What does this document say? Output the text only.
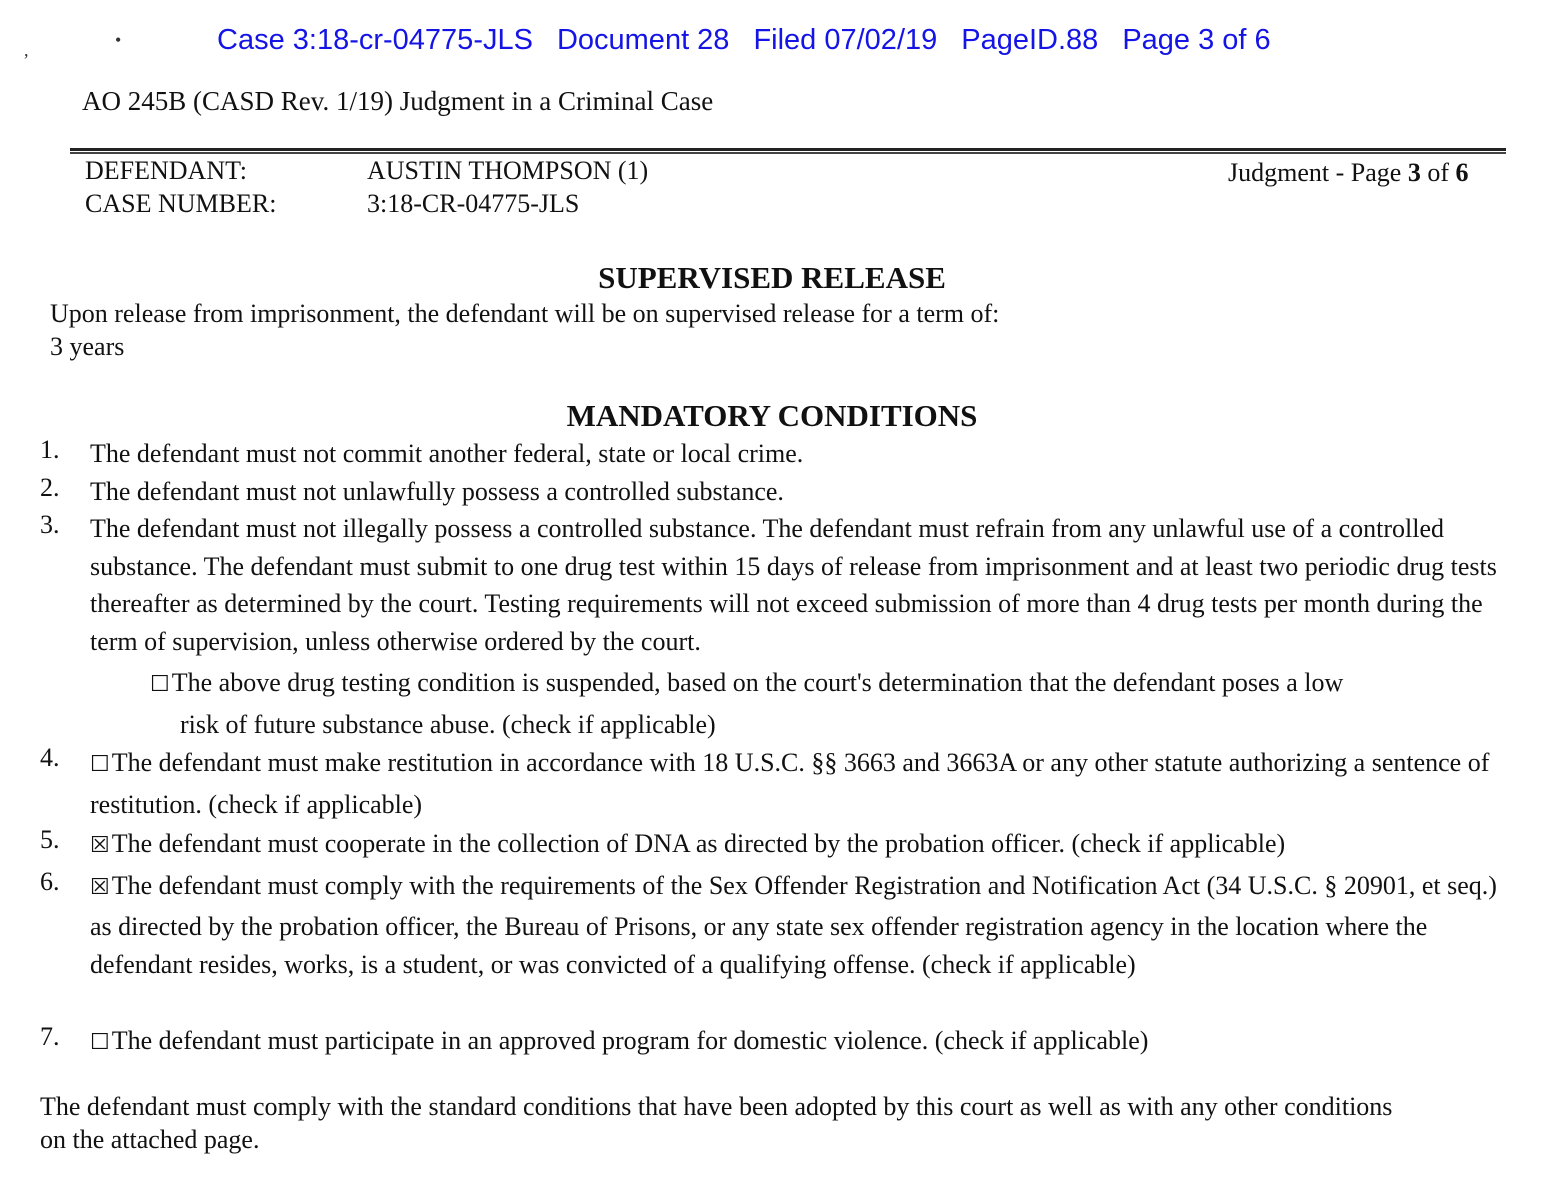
,	•	Case 3:18-cr-04775-JLS Document 28 Filed 07/02/19 PageID.88 Page 3 of 6
AO 245B (CASD Rev. 1/19) Judgment in a Criminal Case
DEFENDANT:	AUSTIN THOMPSON (1)
CASE NUMBER:	3:18-CR-04775-JLS
Judgment - Page 3 of 6
SUPERVISED RELEASE
Upon release from imprisonment, the defendant will be on supervised release for a term of:
3 years
MANDATORY CONDITIONS
1.	The defendant must not commit another federal, state or local crime.
2.	The defendant must not unlawfully possess a controlled substance.
3.	The defendant must not illegally possess a controlled substance. The defendant must refrain from any unlawful use of a controlled substance. The defendant must submit to one drug test within 15 days of release from imprisonment and at least two periodic drug tests thereafter as determined by the court. Testing requirements will not exceed submission of more than 4 drug tests per month during the term of supervision, unless otherwise ordered by the court.
☐The above drug testing condition is suspended, based on the court's determination that the defendant poses a low
risk of future substance abuse. (check if applicable)
4.	☐The defendant must make restitution in accordance with 18 U.S.C. §§ 3663 and 3663A or any other statute authorizing a sentence of restitution. (check if applicable)
5.	☒The defendant must cooperate in the collection of DNA as directed by the probation officer. (check if applicable)
6.	☒The defendant must comply with the requirements of the Sex Offender Registration and Notification Act (34 U.S.C. § 20901, et seq.) as directed by the probation officer, the Bureau of Prisons, or any state sex offender registration agency in the location where the defendant resides, works, is a student, or was convicted of a qualifying offense. (check if applicable)
7.	☐The defendant must participate in an approved program for domestic violence. (check if applicable)
The defendant must comply with the standard conditions that have been adopted by this court as well as with any other conditions on the attached page.
